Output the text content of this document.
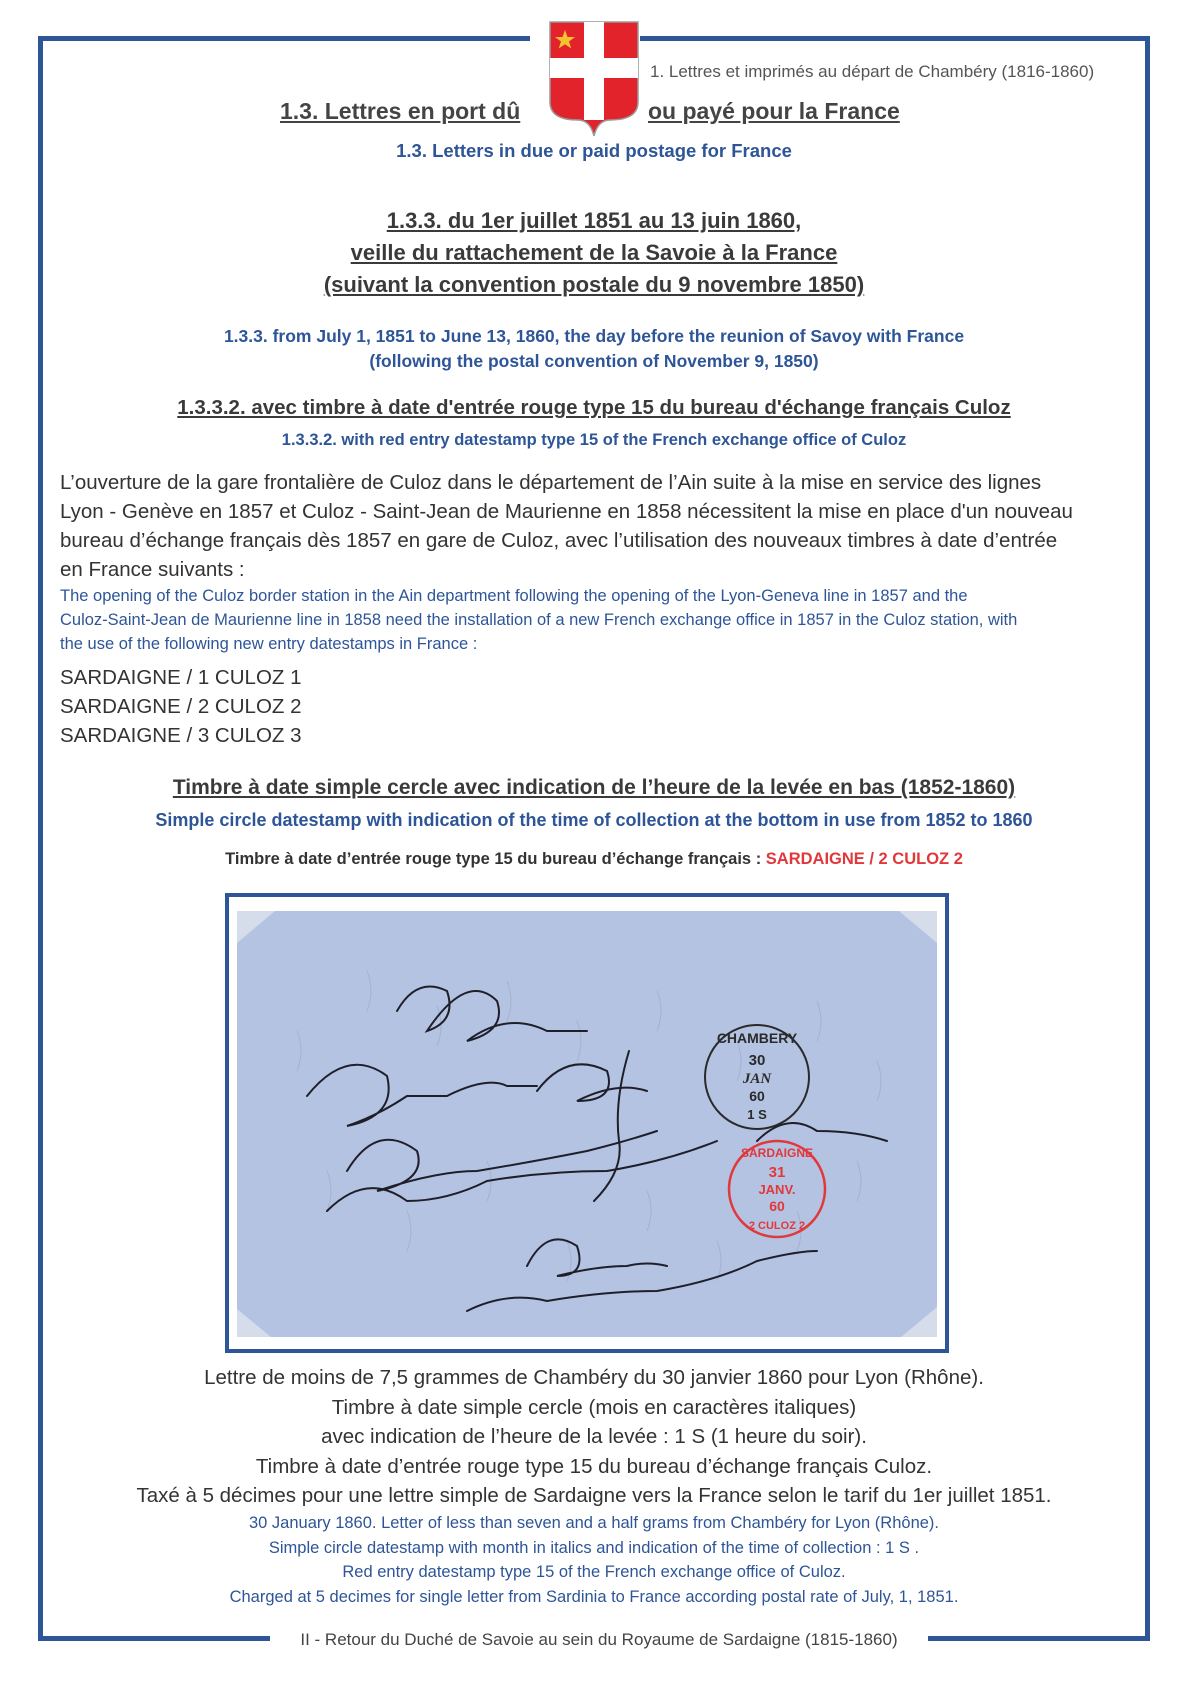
1. Lettres et imprimés au départ de Chambéry (1816-1860)
1.3. Lettres en port dû	ou payé pour la France
1.3. Letters in due or paid postage for France
1.3.3. du 1er juillet 1851 au 13 juin 1860,
veille du rattachement de la Savoie à la France
(suivant la convention postale du 9 novembre 1850)
1.3.3. from July 1, 1851 to June 13, 1860, the day before the reunion of Savoy with France
(following the postal convention of November 9, 1850)
1.3.3.2. avec timbre à date d'entrée rouge type 15 du bureau d'échange français Culoz
1.3.3.2. with red entry datestamp type 15 of the French exchange office of Culoz
L’ouverture de la gare frontalière de Culoz dans le département de l’Ain suite à la mise en service des lignes
Lyon - Genève en 1857 et Culoz - Saint-Jean de Maurienne en 1858 nécessitent la mise en place d'un nouveau
bureau d’échange français dès 1857 en gare de Culoz, avec l’utilisation des nouveaux timbres à date d’entrée
en France suivants :
The opening of the Culoz border station in the Ain department following the opening of the Lyon-Geneva line in 1857 and the
Culoz-Saint-Jean de Maurienne line in 1858 need the installation of a new French exchange office in 1857 in the Culoz station, with
the use of the following new entry datestamps in France :
SARDAIGNE / 1 CULOZ 1
SARDAIGNE / 2 CULOZ 2
SARDAIGNE / 3 CULOZ 3
Timbre à date simple cercle avec indication de l’heure de la levée en bas (1852-1860)
Simple circle datestamp with indication of the time of collection at the bottom in use from 1852 to 1860
Timbre à date d’entrée rouge type 15 du bureau d’échange français : SARDAIGNE / 2 CULOZ 2
CHAMBERY
30
JAN
60
1 S
SARDAIGNE
31
JANV.
60
2 CULOZ 2
Lettre de moins de 7,5 grammes de Chambéry du 30 janvier 1860 pour Lyon (Rhône).
Timbre à date simple cercle (mois en caractères italiques)
avec indication de l’heure de la levée : 1 S (1 heure du soir).
Timbre à date d’entrée rouge type 15 du bureau d’échange français Culoz.
Taxé à 5 décimes pour une lettre simple de Sardaigne vers la France selon le tarif du 1er juillet 1851.
30 January 1860. Letter of less than seven and a half grams from Chambéry for Lyon (Rhône).
Simple circle datestamp with month in italics and indication of the time of collection : 1 S .
Red entry datestamp type 15 of the French exchange office of Culoz.
Charged at 5 decimes for single letter from Sardinia to France according postal rate of July, 1, 1851.
II - Retour du Duché de Savoie au sein du Royaume de Sardaigne (1815-1860)
